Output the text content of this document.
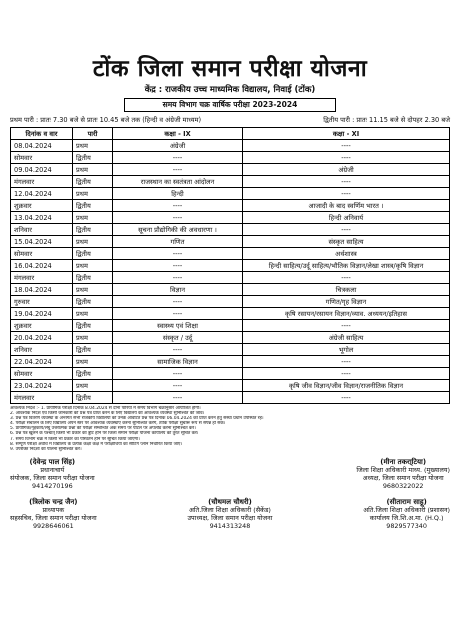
टोंक जिला समान परीक्षा योजना
केंद्र : राजकीय उच्च माध्यमिक विद्यालय, निवाई (टोंक)
समय विभाग चक्र वार्षिक परीक्षा 2023-2024
प्रथम पारी : प्रातः 7.30 बजे से प्रातः 10.45 बजे तक (हिन्दी व अंग्रेजी माध्यम)	द्वितीय पारी : प्रातः 11.15 बजे से दोपहर 2.30 बजे
दिनांक व वार	पारी	कक्षा - IX	कक्षा - XI
08.04.2024	प्रथम	अंग्रेजी	----
सोमवार	द्वितीय	----	----
09.04.2024	प्रथम	----	अंग्रेजी
मंगलवार	द्वितीय	राजस्थान का स्वतंत्रता आंदोलन	----
12.04.2024	प्रथम	हिन्दी	----
शुक्रवार	द्वितीय	----	आजादी के बाद स्वर्णिम भारत ।
13.04.2024	प्रथम	----	हिन्दी अनिवार्य
शनिवार	द्वितीय	सूचना प्रौद्योगिकी की अवधारणा ।	----
15.04.2024	प्रथम	गणित	संस्कृत साहित्य
सोमवार	द्वितीय	----	अर्थशास्त्र
16.04.2024	प्रथम	----	हिन्दी साहित्य/उर्दू साहित्य/भौतिक विज्ञान/लेखा शास्त्र/कृषि विज्ञान
मंगलवार	द्वितीय	----	----
18.04.2024	प्रथम	विज्ञान	चित्रकला
गुरुवार	द्वितीय	----	गणित/गृह विज्ञान
19.04.2024	प्रथम	----	कृषि रसायन/रसायन विज्ञान/व्याव. अध्ययन/इतिहास
शुक्रवार	द्वितीय	स्वास्थ्य एवं शिक्षा	----
20.04.2024	प्रथम	संस्कृत / उर्दू	अंग्रेजी साहित्य
शनिवार	द्वितीय	----	भूगोल
22.04.2024	प्रथम	सामाजिक विज्ञान	----
सोमवार	द्वितीय	----	----
23.04.2024	प्रथम	----	कृषि जीव विज्ञान/जीव विज्ञान/राजनीतिक विज्ञान
मंगलवार	द्वितीय	----	----
आवश्यक निर्देश :- 1. प्रायोगिक परीक्षा दिनांक 8.04.2024 से दोनों पारियों में समय विभाग चक्रानुसार आयोजित होगी।
2. आवश्यक निर्देश एवं किसी जानकारी को प्रश्न पत्र प्राप्त करने के लिए विद्यालय की आवश्यक व्यवस्था सुनिश्चित की जावे।
3. प्रश्न पत्र वितरण व्यवस्था के अन्तर्गत सभी राजकीय विद्यालयों को उनके आवंटित प्रश्न पत्र दिनांक 06.04.2024 को प्राप्त करने हेतु संस्था प्रधान उपस्थित रहें।
4. परीक्षा संचालन के लिए विद्यालय अपने स्तर पर आवश्यक व्यवस्थाएं करना सुनिश्चित करेंगे, ताकि परीक्षा सुचारू रूप से संपन्न हो सके।
5. प्रायोगिक/गृहकार्य/लघु उत्तरात्मक प्रश्नों की परीक्षा सम्बन्धित अंक समय पर पोर्टल पर अपलोड करना सुनिश्चित करें।
6. प्रश्न पत्र खुलने के पश्चात् किसी भी प्रकार की त्रुटि होने पर जिला समान परीक्षा योजना कार्यालय को तुरंत सूचित करें।
7. समय विभाग चक्र में किसी भी प्रकार का परिवर्तन होने पर सूचित किया जाएगा।
8. सम्पूर्ण परीक्षा अवधि में विद्यालय के प्रत्येक कक्षा कक्ष में परीक्षार्थियों का सीटिंग प्लान निर्धारित किया जाए।
9. उपरोक्त निर्देशों की पालना सुनिश्चित करें।
(देवेन्द्र पाल सिंह)
प्रधानाचार्य
संयोजक, जिला समान परीक्षा योजना
9414270196
(मीना तकरा्टिया)
जिला शिक्षा अधिकारी माध्य. (मुख्यालय)
अध्यक्ष, जिला समान परीक्षा योजना
9680322022
(त्रिलोक चन्द्र जैन)
प्राध्यापक
सहसचिव, जिला समान परीक्षा योजना
9928646061
(चौथमल चौधरी)
अति.जिला शिक्षा अधिकारी (सैकेंड)
उपाध्यक्ष, जिला समान परीक्षा योजना
9414313248
(सीताराम साहू)
अति.जिला शिक्षा अधिकारी (प्रशासन)
कार्यालय जि.शि.अ.मा. (H.Q.)
9829577340
